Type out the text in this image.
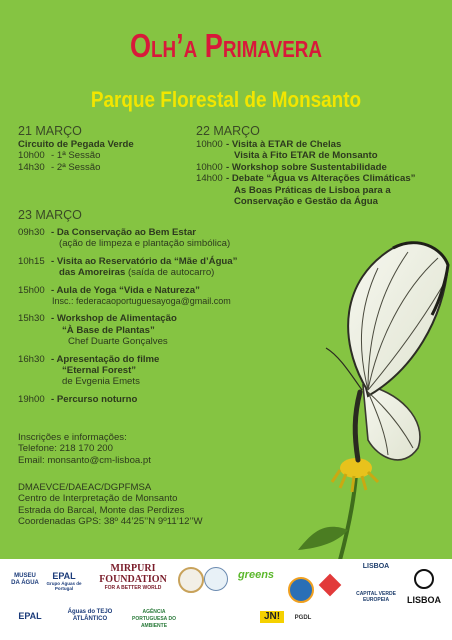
Olh’a Primavera
Parque Florestal de Monsanto
21 MARÇO
Circuito de Pegada Verde
10h00 - 1ª Sessão
14h30 - 2ª Sessão
22 MARÇO
10h00 - Visita à ETAR de Chelas
Visita à Fito ETAR de Monsanto
10h00 - Workshop sobre Sustentabilidade
14h00 - Debate “Água vs Alterações Climáticas”
As Boas Práticas de Lisboa para a
Conservação e Gestão da Água
23 MARÇO
09h30 - Da Conservação ao Bem Estar
(ação de limpeza e plantação simbólica)
10h15 - Visita ao Reservatório da “Mãe d’Água”
das Amoreiras (saída de autocarro)
15h00 - Aula de Yoga “Vida e Natureza”
Insc.: federacaoportuguesayoga@gmail.com
15h30 - Workshop de Alimentação
“À Base de Plantas”
Chef Duarte Gonçalves
16h30 - Apresentação do filme
“Eternal Forest”
de Evgenia Emets
19h00 - Percurso noturno
Inscrições e informações:
Telefone: 218 170 200
Email: monsanto@cm-lisboa.pt
DMAEVCE/DAEAC/DGPFMSA
Centro de Interpretação de Monsanto
Estrada do Barcal, Monte das Perdizes
Coordenadas GPS: 38º 44’25’’N 9º11’12’’W
MUSEU DA ÁGUA
EPAL
Grupo Águas de Portugal
MIRPURI FOUNDATION
FOR A BETTER WORLD
greens
LISBOA
CAPITAL VERDE EUROPEIA	LISBOA
EPAL	Águas do TEJO ATLÂNTICO
AGÊNCIA PORTUGUESA DO AMBIENTE
JN!	PGDL
